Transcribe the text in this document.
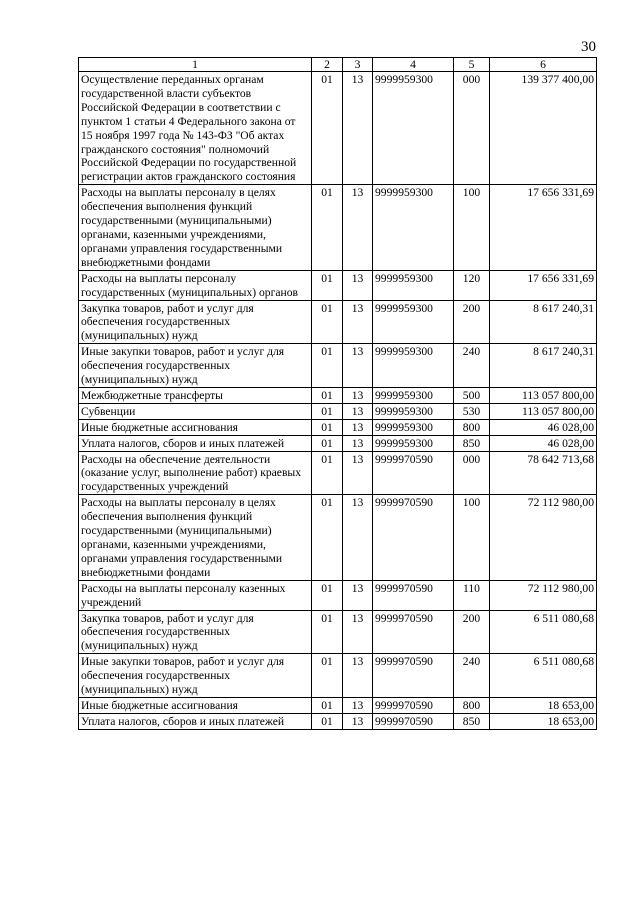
30
1	2	3	4	5	6
Осуществление переданных органам государственной власти субъектов Российской Федерации в соответствии с пунктом 1 статьи 4 Федерального закона от 15 ноября 1997 года № 143-ФЗ "Об актах гражданского состояния" полномочий Российской Федерации по государственной регистрации актов гражданского состояния	01	13	9999959300	000	139 377 400,00
Расходы на выплаты персоналу в целях обеспечения выполнения функций государственными (муниципальными) органами, казенными учреждениями, органами управления государственными внебюджетными фондами	01	13	9999959300	100	17 656 331,69
Расходы на выплаты персоналу государственных (муниципальных) органов	01	13	9999959300	120	17 656 331,69
Закупка товаров, работ и услуг для обеспечения государственных (муниципальных) нужд	01	13	9999959300	200	8 617 240,31
Иные закупки товаров, работ и услуг для обеспечения государственных (муниципальных) нужд	01	13	9999959300	240	8 617 240,31
Межбюджетные трансферты	01	13	9999959300	500	113 057 800,00
Субвенции	01	13	9999959300	530	113 057 800,00
Иные бюджетные ассигнования	01	13	9999959300	800	46 028,00
Уплата налогов, сборов и иных платежей	01	13	9999959300	850	46 028,00
Расходы на обеспечение деятельности (оказание услуг, выполнение работ) краевых государственных учреждений	01	13	9999970590	000	78 642 713,68
Расходы на выплаты персоналу в целях обеспечения выполнения функций государственными (муниципальными) органами, казенными учреждениями, органами управления государственными внебюджетными фондами	01	13	9999970590	100	72 112 980,00
Расходы на выплаты персоналу казенных учреждений	01	13	9999970590	110	72 112 980,00
Закупка товаров, работ и услуг для обеспечения государственных (муниципальных) нужд	01	13	9999970590	200	6 511 080,68
Иные закупки товаров, работ и услуг для обеспечения государственных (муниципальных) нужд	01	13	9999970590	240	6 511 080,68
Иные бюджетные ассигнования	01	13	9999970590	800	18 653,00
Уплата налогов, сборов и иных платежей	01	13	9999970590	850	18 653,00
